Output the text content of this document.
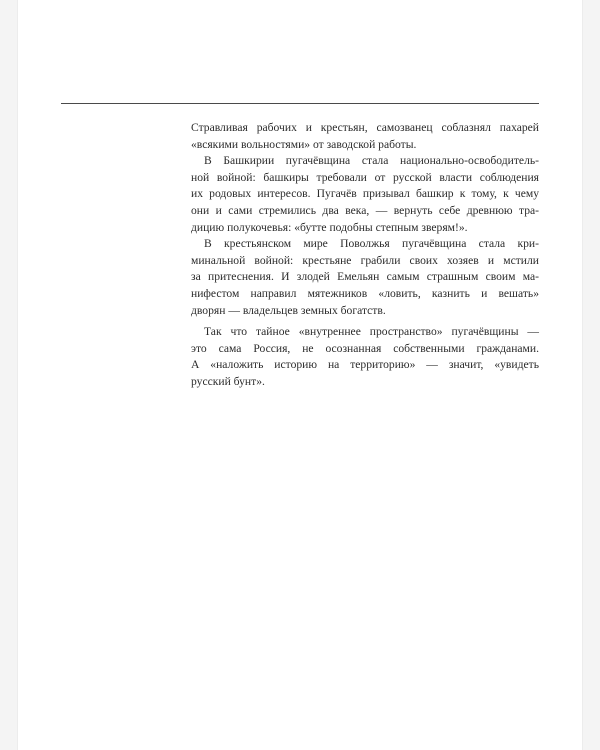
Стравливая рабочих и крестьян, самозванец соблазнял пахарей
«всякими вольностями» от заводской работы.

В Башкирии пугачёвщина стала национально-освободитель-
ной войной: башкиры требовали от русской власти соблюдения
их родовых интересов. Пугачёв призывал башкир к тому, к чему
они и сами стремились два века, — вернуть себе древнюю тра-
дицию полукочевья: «бутте подобны степным зверям!».

В крестьянском мире Поволжья пугачёвщина стала кри-
минальной войной: крестьяне грабили своих хозяев и мстили
за притеснения. И злодей Емельян самым страшным своим ма-
нифестом направил мятежников «ловить, казнить и вешать»
дворян — владельцев земных богатств.

Так что тайное «внутреннее пространство» пугачёвщины —
это сама Россия, не осознанная собственными гражданами.
А «наложить историю на территорию» — значит, «увидеть
русский бунт».
